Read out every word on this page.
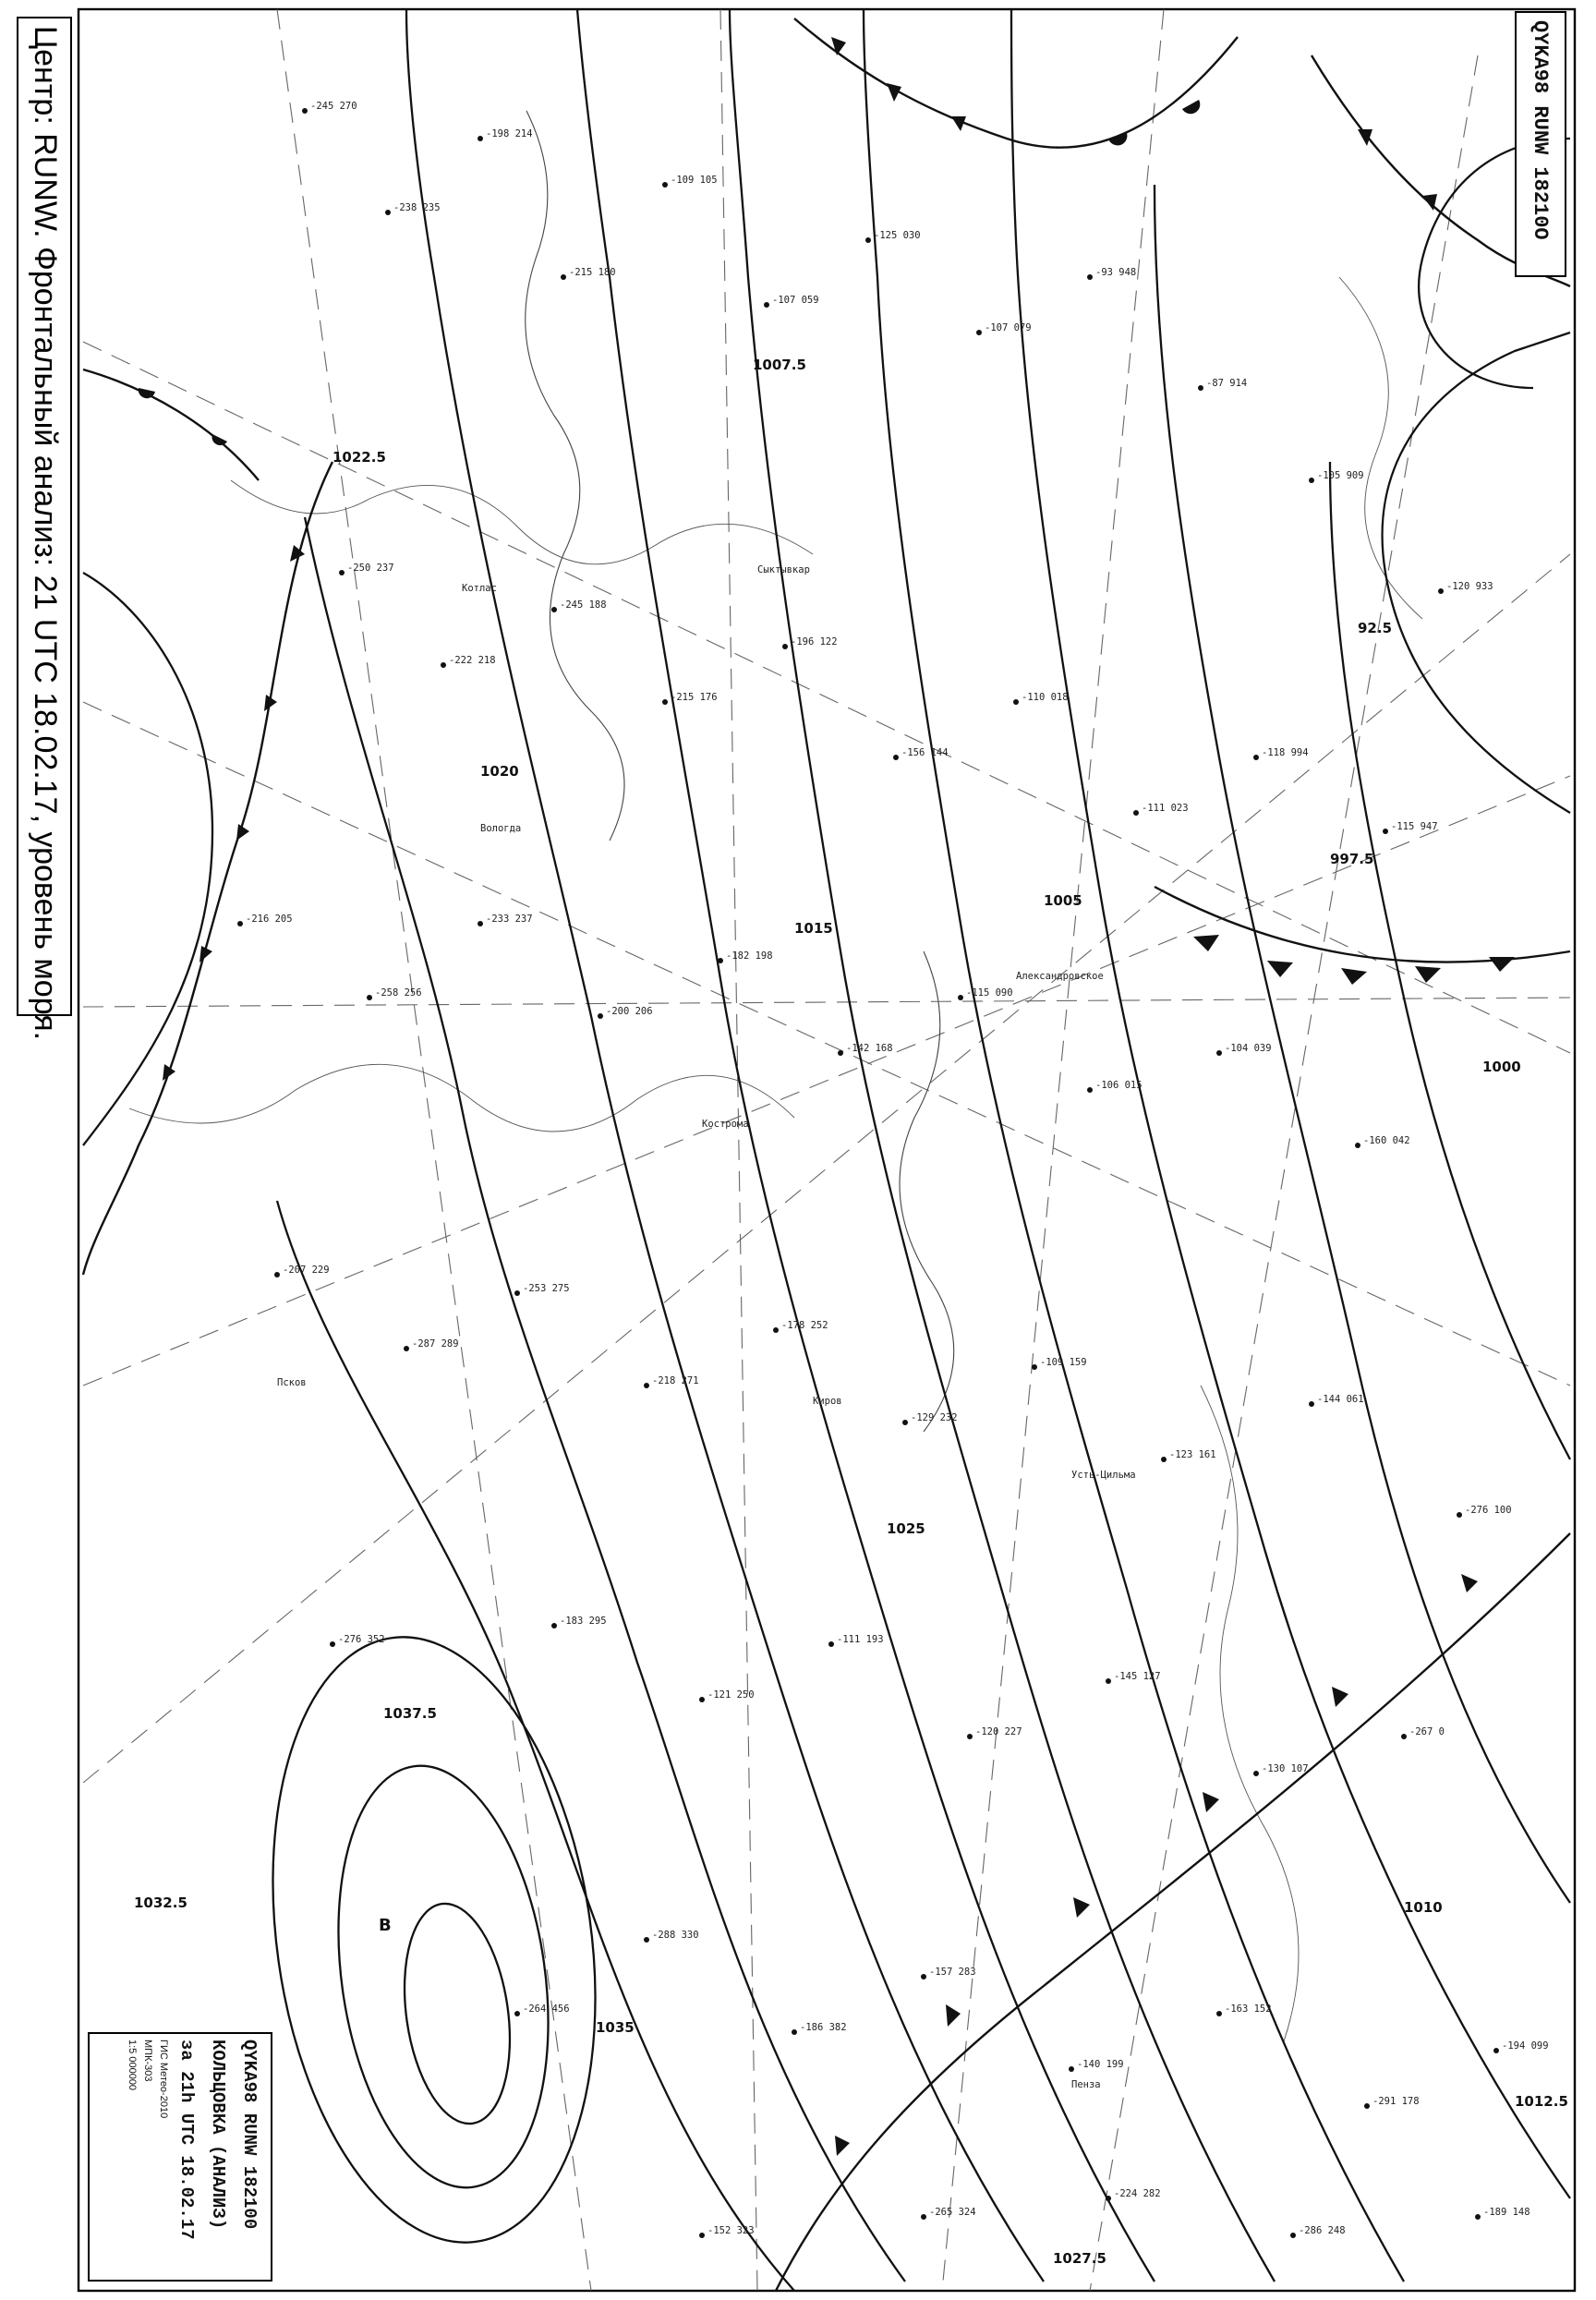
-245 270
-238 235
-198 214
-215 180
-109 105
-107 059
-125 030
-107 079
-93 948
-87 914
-105 909
-120 933
-250 237
-222 218
-245 188
-215 176
-196 122
-156 144
-110 018
-111 023
-118 994
-115 947
-216 205
-258 256
-233 237
-200 206
-182 198
-142 168
-115 090
-106 015
-104 039
-160 042
-207 229
-287 289
-253 275
-218 271
-178 252
-129 232
-109 159
-123 161
-144 061
-276 100
-276 352
-183 295
-121 250
-111 193
-120 227
-145 127
-130 107
-267 0
-264 456
-288 330
-186 382
-157 283
-140 199
-163 152
-291 178
-194 099
-152 323
-265 324
-224 282
-286 248
-189 148
Александровское
Усть-Цильма
Сыктывкар
Котлас
Вологда
Кострома
Киров
Пенза
Псков
1037.5
1035
1032.5
1027.5
1025
1022.5
1020
1015
1012.5
1010
1007.5
1005
1000
997.5
92.5
В
Центр: RUNW. Фронтальный анализ: 21 UTC 18.02.17, уровень моря.	QYKA98 RUNW 18210O
QYKA98 RUNW 182100
КОЛЬЦОВКА (АНАЛИЗ)
за 21h UTC 18.02.17
ГИС Метео-2010
МПК-303
1:5 000000
